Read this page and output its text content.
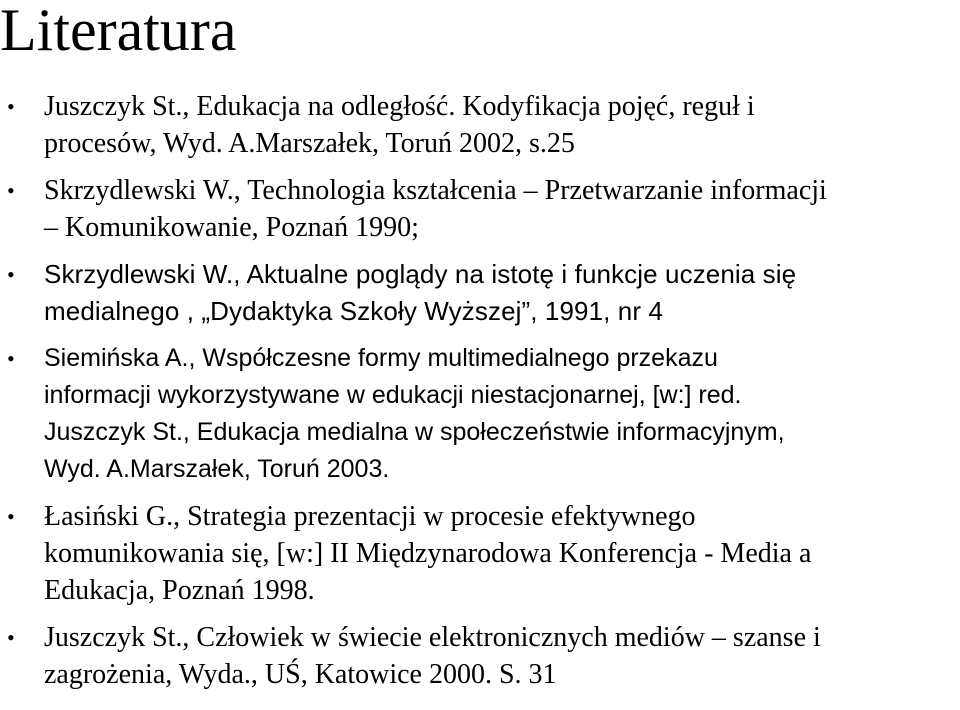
Literatura
• Juszczyk St., Edukacja na odległość. Kodyfikacja pojęć, reguł i
procesów, Wyd. A.Marszałek, Toruń 2002, s.25
• Skrzydlewski W., Technologia kształcenia – Przetwarzanie informacji
– Komunikowanie, Poznań 1990;
• Skrzydlewski W., Aktualne poglądy na istotę i funkcje uczenia się
medialnego , „Dydaktyka Szkoły Wyższej”, 1991, nr 4
• Siemińska A., Współczesne formy multimedialnego przekazu
informacji wykorzystywane w edukacji niestacjonarnej, [w:] red.
Juszczyk St., Edukacja medialna w społeczeństwie informacyjnym,
Wyd. A.Marszałek, Toruń 2003.
• Łasiński G., Strategia prezentacji w procesie efektywnego
komunikowania się, [w:] II Międzynarodowa Konferencja - Media a
Edukacja, Poznań 1998.
• Juszczyk St., Człowiek w świecie elektronicznych mediów – szanse i
zagrożenia, Wyda., UŚ, Katowice 2000. S. 31
